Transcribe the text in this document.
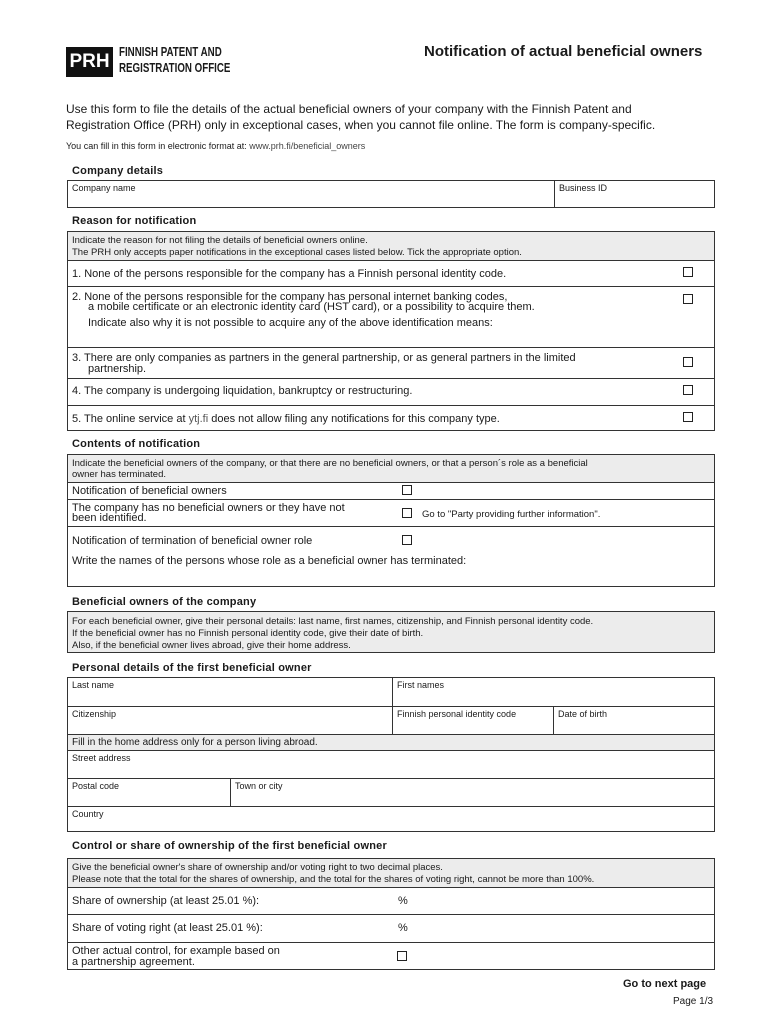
PRH FINNISH PATENT AND
REGISTRATION OFFICE
Notification of actual beneficial owners
Use this form to file the details of the actual beneficial owners of your company with the Finnish Patent and
Registration Office (PRH) only in exceptional cases, when you cannot file online. The form is company-specific.
You can fill in this form in electronic format at: www.prh.fi/beneficial_owners
Company details
Company name	Business ID
Reason for notification
Indicate the reason for not filing the details of beneficial owners online.
The PRH only accepts paper notifications in the exceptional cases listed below. Tick the appropriate option.
1. None of the persons responsible for the company has a Finnish personal identity code.
2. None of the persons responsible for the company has personal internet banking codes,
a mobile certificate or an electronic identity card (HST card), or a possibility to acquire them.
Indicate also why it is not possible to acquire any of the above identification means:
3. There are only companies as partners in the general partnership, or as general partners in the limited
partnership.
4. The company is undergoing liquidation, bankruptcy or restructuring.
5. The online service at ytj.fi does not allow filing any notifications for this company type.
Contents of notification
Indicate the beneficial owners of the company, or that there are no beneficial owners, or that a person´s role as a beneficial
owner has terminated.
Notification of beneficial owners
The company has no beneficial owners or they have not
been identified.	Go to "Party providing further information".
Notification of termination of beneficial owner role
Write the names of the persons whose role as a beneficial owner has terminated:
Beneficial owners of the company
For each beneficial owner, give their personal details: last name, first names, citizenship, and Finnish personal identity code.
If the beneficial owner has no Finnish personal identity code, give their date of birth.
Also, if the beneficial owner lives abroad, give their home address.
Personal details of the first beneficial owner
Last name	First names
Citizenship	Finnish personal identity code	Date of birth
Fill in the home address only for a person living abroad.
Street address
Postal code	Town or city
Country
Control or share of ownership of the first beneficial owner
Give the beneficial owner's share of ownership and/or voting right to two decimal places.
Please note that the total for the shares of ownership, and the total for the shares of voting right, cannot be more than 100%.
Share of ownership (at least 25.01 %):	%
Share of voting right (at least 25.01 %):	%
Other actual control, for example based on
a partnership agreement.
Go to next page
Page 1/3
